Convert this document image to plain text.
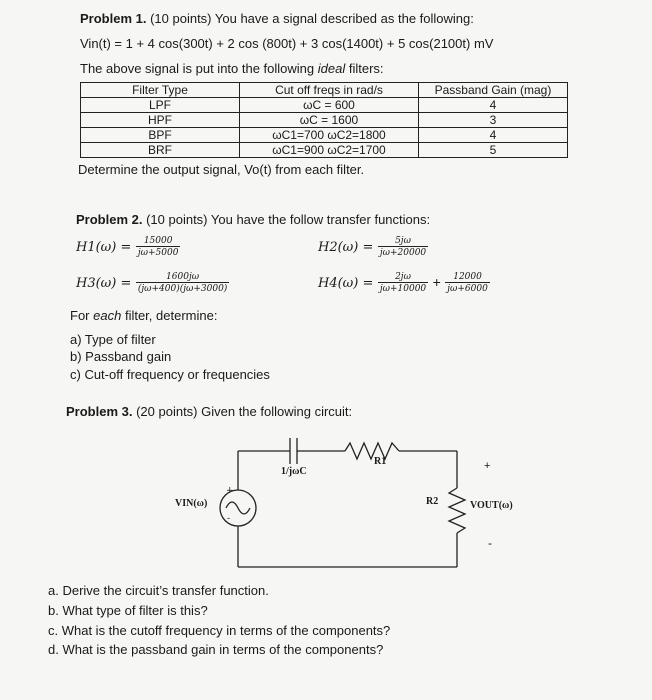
Problem 1. (10 points) You have a signal described as the following:
Vin(t) = 1 + 4 cos(300t) + 2 cos (800t) + 3 cos(1400t) + 5 cos(2100t) mV
The above signal is put into the following ideal filters:
Filter Type	Cut off freqs in rad/s	Passband Gain (mag)
LPF	ωC = 600	4
HPF	ωC = 1600	3
BPF	ωC1=700 ωC2=1800	4
BRF	ωC1=900 ωC2=1700	5
Determine the output signal, Vo(t) from each filter.
Problem 2. (10 points) You have the follow transfer functions:
$H1(\omega) = \frac{15000}{j\omega+5000}$	$H2(\omega) = \frac{5j\omega}{j\omega+20000}$
$H3(\omega) = \frac{1600j\omega}{(j\omega+400)(j\omega+3000)}$	$H4(\omega) = \frac{2j\omega}{j\omega+10000} + \frac{12000}{j\omega+6000}$
For each filter, determine:
a) Type of filter
b) Passband gain
c) Cut-off frequency or frequencies
Problem 3. (20 points) Given the following circuit:
+
-
1/jωC
R1
R2
VIN(ω)	VOUT(ω)
+
-
a. Derive the circuit’s transfer function.
b. What type of filter is this?
c. What is the cutoff frequency in terms of the components?
d. What is the passband gain in terms of the components?
